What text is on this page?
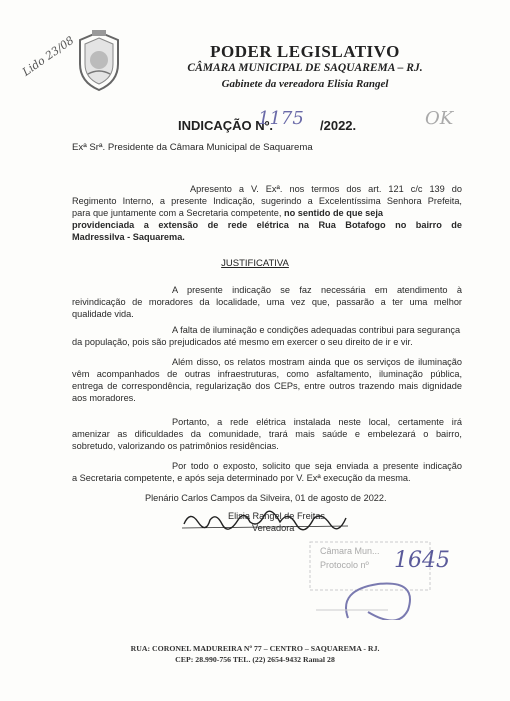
Lido 23/08	PODER LEGISLATIVO
CÂMARA MUNICIPAL DE SAQUAREMA – RJ.
Gabinete da vereadora Elisia Rangel
INDICAÇÃO Nº.
1175 /2022.	OK
Exª Srª. Presidente da Câmara Municipal de Saquarema
Apresento a V. Exª. nos termos dos art. 121 c/c 139 do
Regimento Interno, a presente Indicação, sugerindo a Excelentíssima Senhora Prefeita,
para que juntamente com a Secretaria competente, no sentido de que seja
providenciada a extensão de rede elétrica na Rua Botafogo no bairro de
Madressilva - Saquarema.
JUSTIFICATIVA
A presente indicação se faz necessária em atendimento à
reivindicação de moradores da localidade, uma vez que, passarão a ter uma melhor
qualidade vida.
A falta de iluminação e condições adequadas contribui para segurança
da população, pois são prejudicados até mesmo em exercer o seu direito de ir e vir.
Além disso, os relatos mostram ainda que os serviços de iluminação
vêm acompanhados de outras infraestruturas, como asfaltamento, iluminação pública,
entrega de correspondência, regularização dos CEPs, entre outros trazendo mais dignidade
aos moradores.
Portanto, a rede elétrica instalada neste local, certamente irá
amenizar as dificuldades da comunidade, trará mais saúde e embelezará o bairro,
sobretudo, valorizando os patrimônios residências.
Por todo o exposto, solicito que seja enviada a presente indicação
a Secretaria competente, e após seja determinado por V. Exª execução da mesma.
Plenário Carlos Campos da Silveira, 01 de agosto de 2022.
Elisia Rangel de Freitas
Vereadora
Câmara Mun...
Protocolo nº 1645
RUA: CORONEL MADUREIRA Nº 77 – CENTRO – SAQUAREMA - RJ.
CEP: 28.990-756 TEL. (22) 2654-9432 Ramal 28
